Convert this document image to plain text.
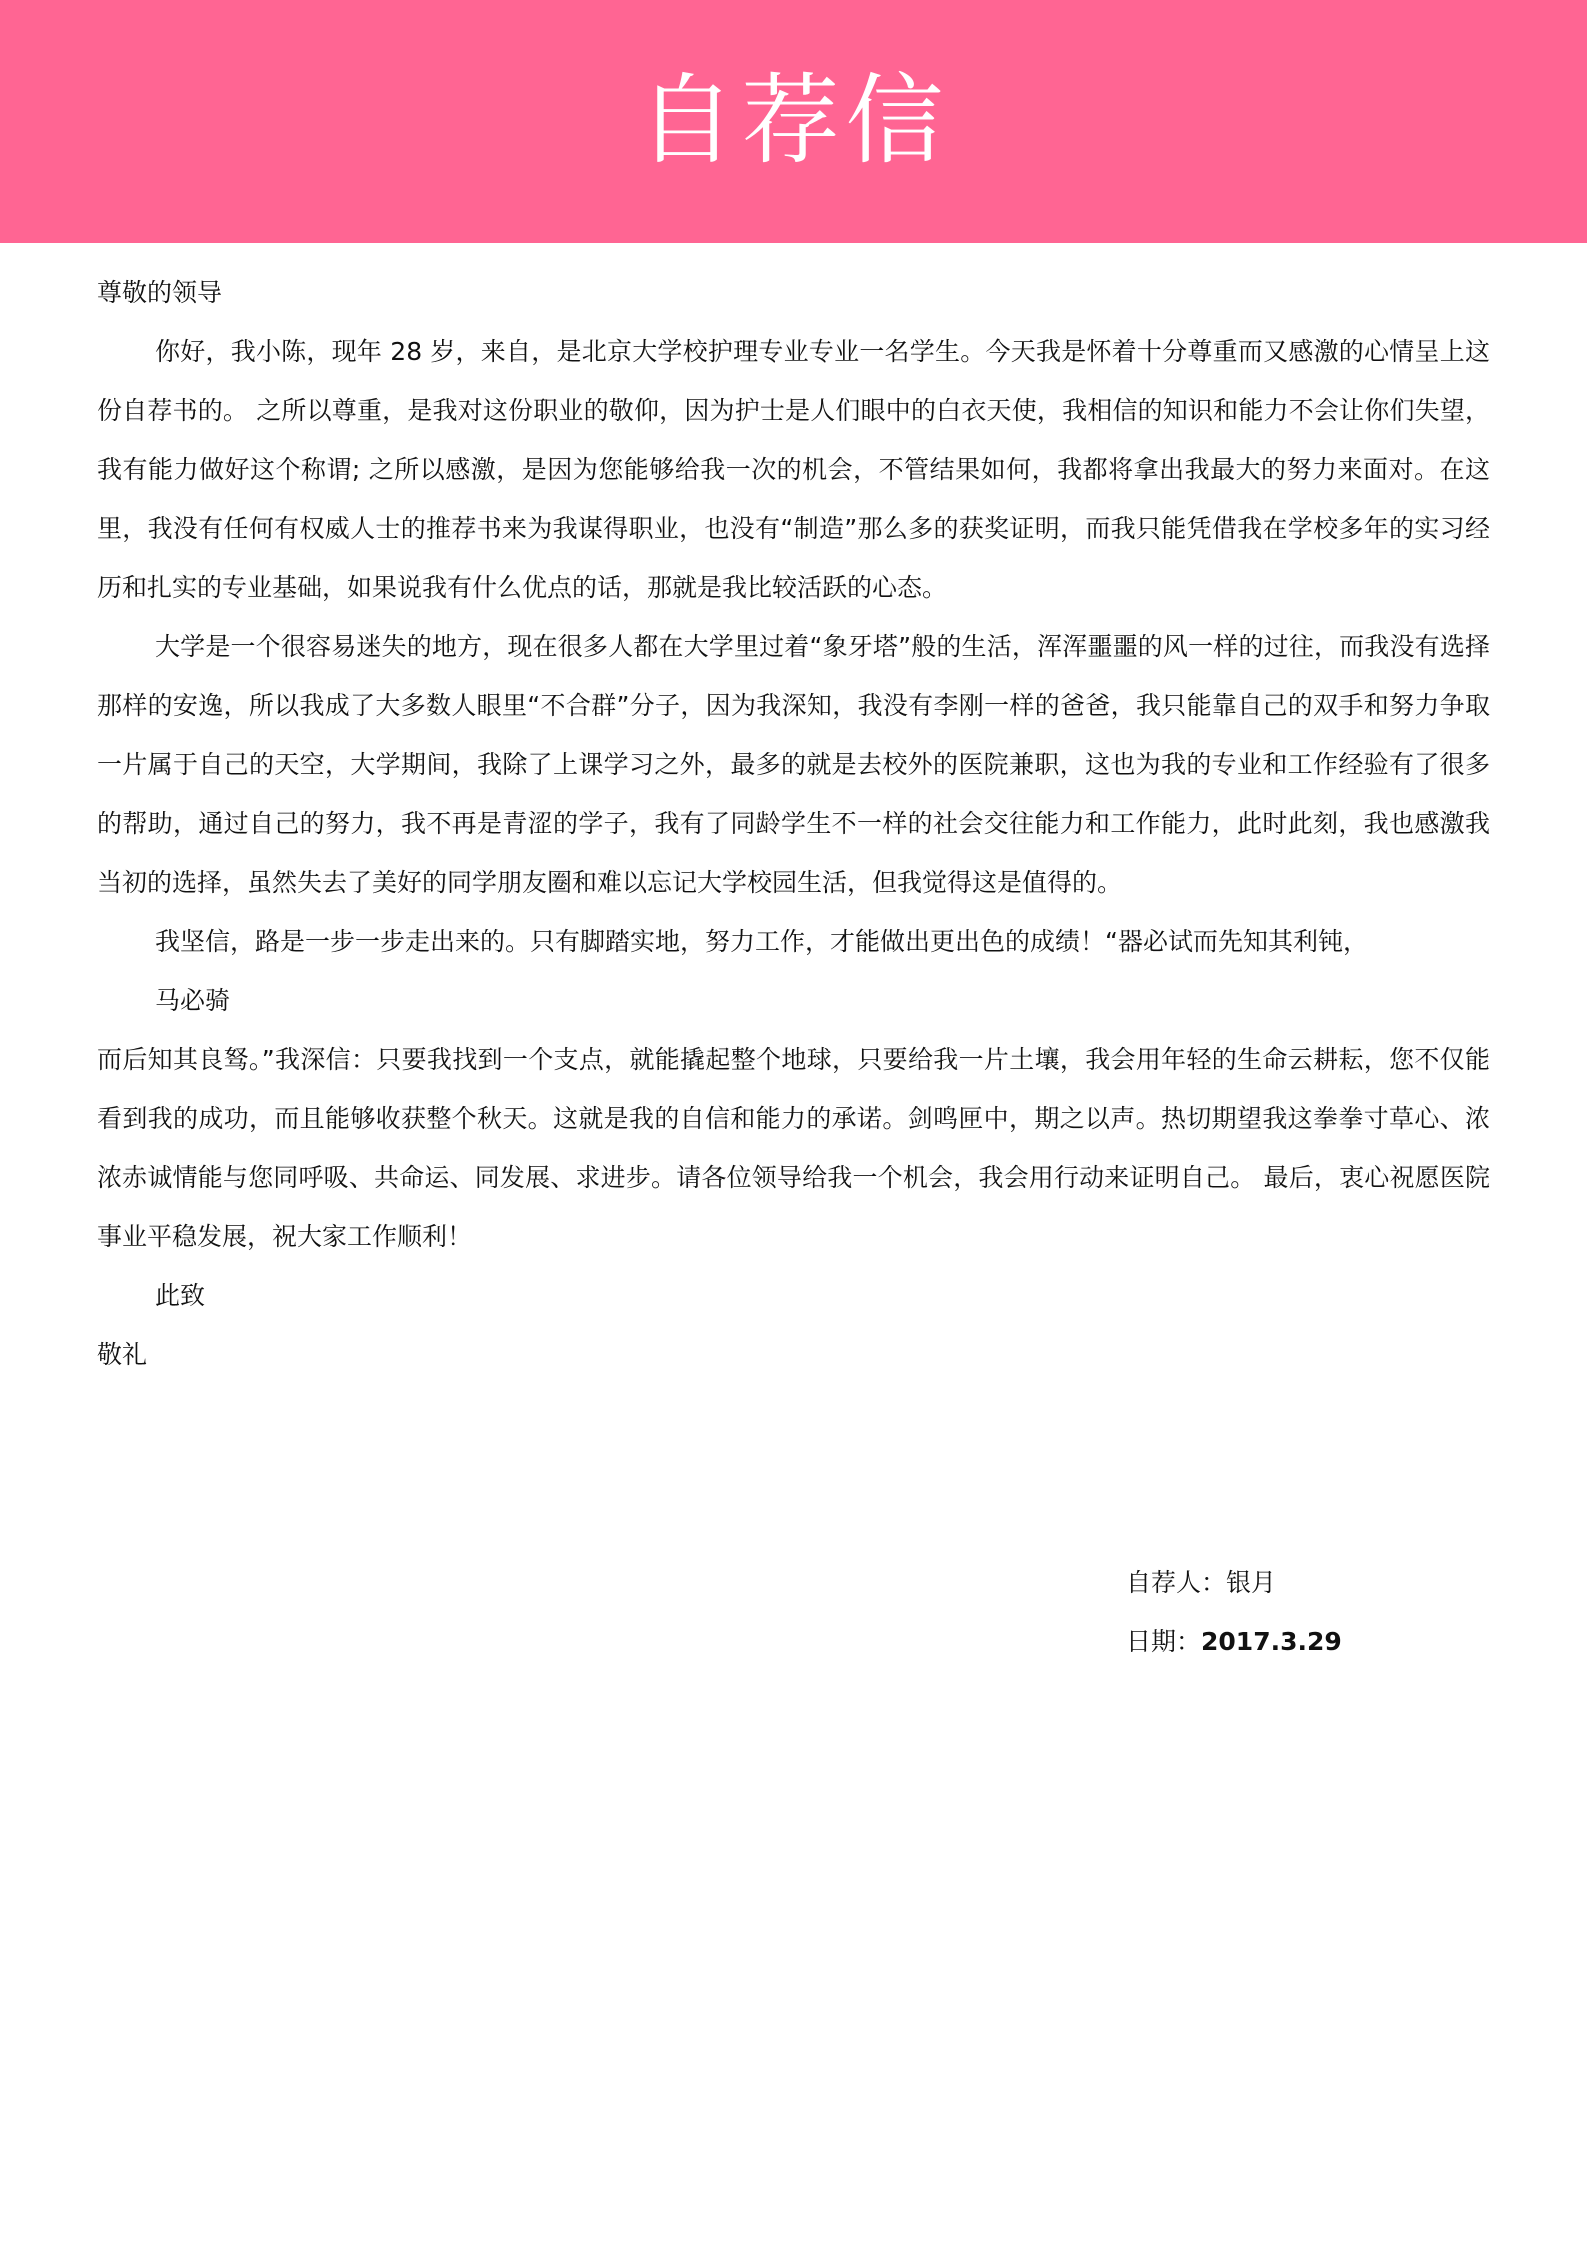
自荐信

尊敬的领导

你好，我小陈，现年 28 岁，来自，是北京大学校护理专业专业一名学生。今天我是怀着十分尊重而又感激的心情呈上这份自荐书的。 之所以尊重，是我对这份职业的敬仰，因为护士是人们眼中的白衣天使，我相信的知识和能力不会让你们失望，我有能力做好这个称谓; 之所以感激，是因为您能够给我一次的机会，不管结果如何，我都将拿出我最大的努力来面对。在这里，我没有任何有权威人士的推荐书来为我谋得职业，也没有“制造”那么多的获奖证明，而我只能凭借我在学校多年的实习经历和扎实的专业基础，如果说我有什么优点的话，那就是我比较活跃的心态。

大学是一个很容易迷失的地方，现在很多人都在大学里过着“象牙塔”般的生活，浑浑噩噩的风一样的过往，而我没有选择那样的安逸，所以我成了大多数人眼里“不合群”分子，因为我深知，我没有李刚一样的爸爸，我只能靠自己的双手和努力争取一片属于自己的天空，大学期间，我除了上课学习之外，最多的就是去校外的医院兼职，这也为我的专业和工作经验有了很多的帮助，通过自己的努力，我不再是青涩的学子，我有了同龄学生不一样的社会交往能力和工作能力，此时此刻，我也感激我当初的选择，虽然失去了美好的同学朋友圈和难以忘记大学校园生活，但我觉得这是值得的。

我坚信，路是一步一步走出来的。只有脚踏实地，努力工作，才能做出更出色的成绩！“器必试而先知其利钝，

马必骑

而后知其良驽。”我深信：只要我找到一个支点，就能撬起整个地球，只要给我一片土壤，我会用年轻的生命云耕耘，您不仅能看到我的成功，而且能够收获整个秋天。这就是我的自信和能力的承诺。剑鸣匣中，期之以声。热切期望我这拳拳寸草心、浓浓赤诚情能与您同呼吸、共命运、同发展、求进步。请各位领导给我一个机会，我会用行动来证明自己。 最后，衷心祝愿医院事业平稳发展，祝大家工作顺利！

此致

敬礼

自荐人：银月
日期：2017.3.29
